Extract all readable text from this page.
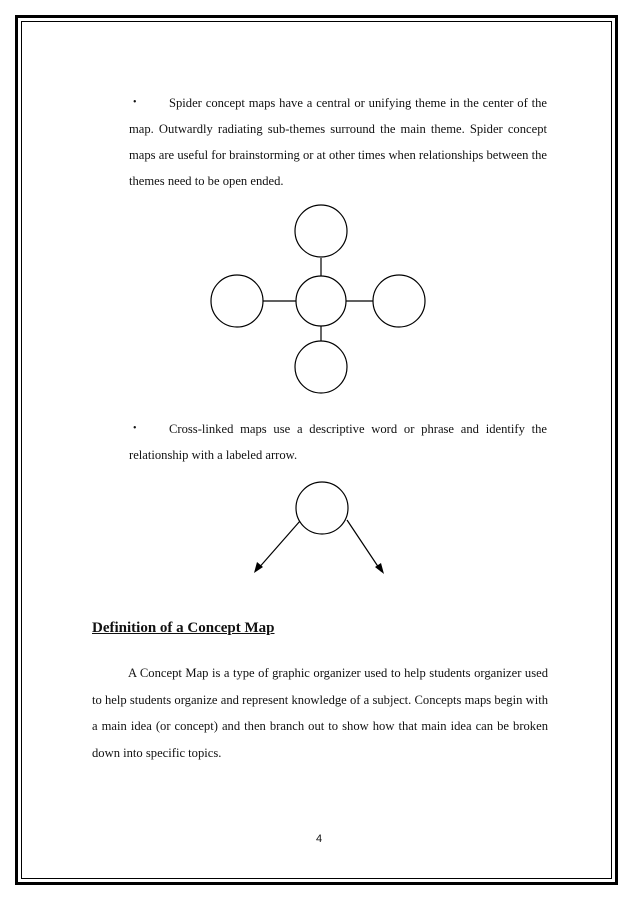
•	Spider concept maps have a central or unifying theme in the center of the map. Outwardly radiating sub-themes surround the main theme. Spider concept maps are useful for brainstorming or at other times when relationships between the themes need to be open ended.

•	Cross-linked maps use a descriptive word or phrase and identify the relationship with a labeled arrow.

Definition of a Concept Map

A Concept Map is a type of graphic organizer used to help students organizer used to help students organize and represent knowledge of a subject. Concepts maps begin with a main idea (or concept) and then branch out to show how that main idea can be broken down into specific topics.

4
